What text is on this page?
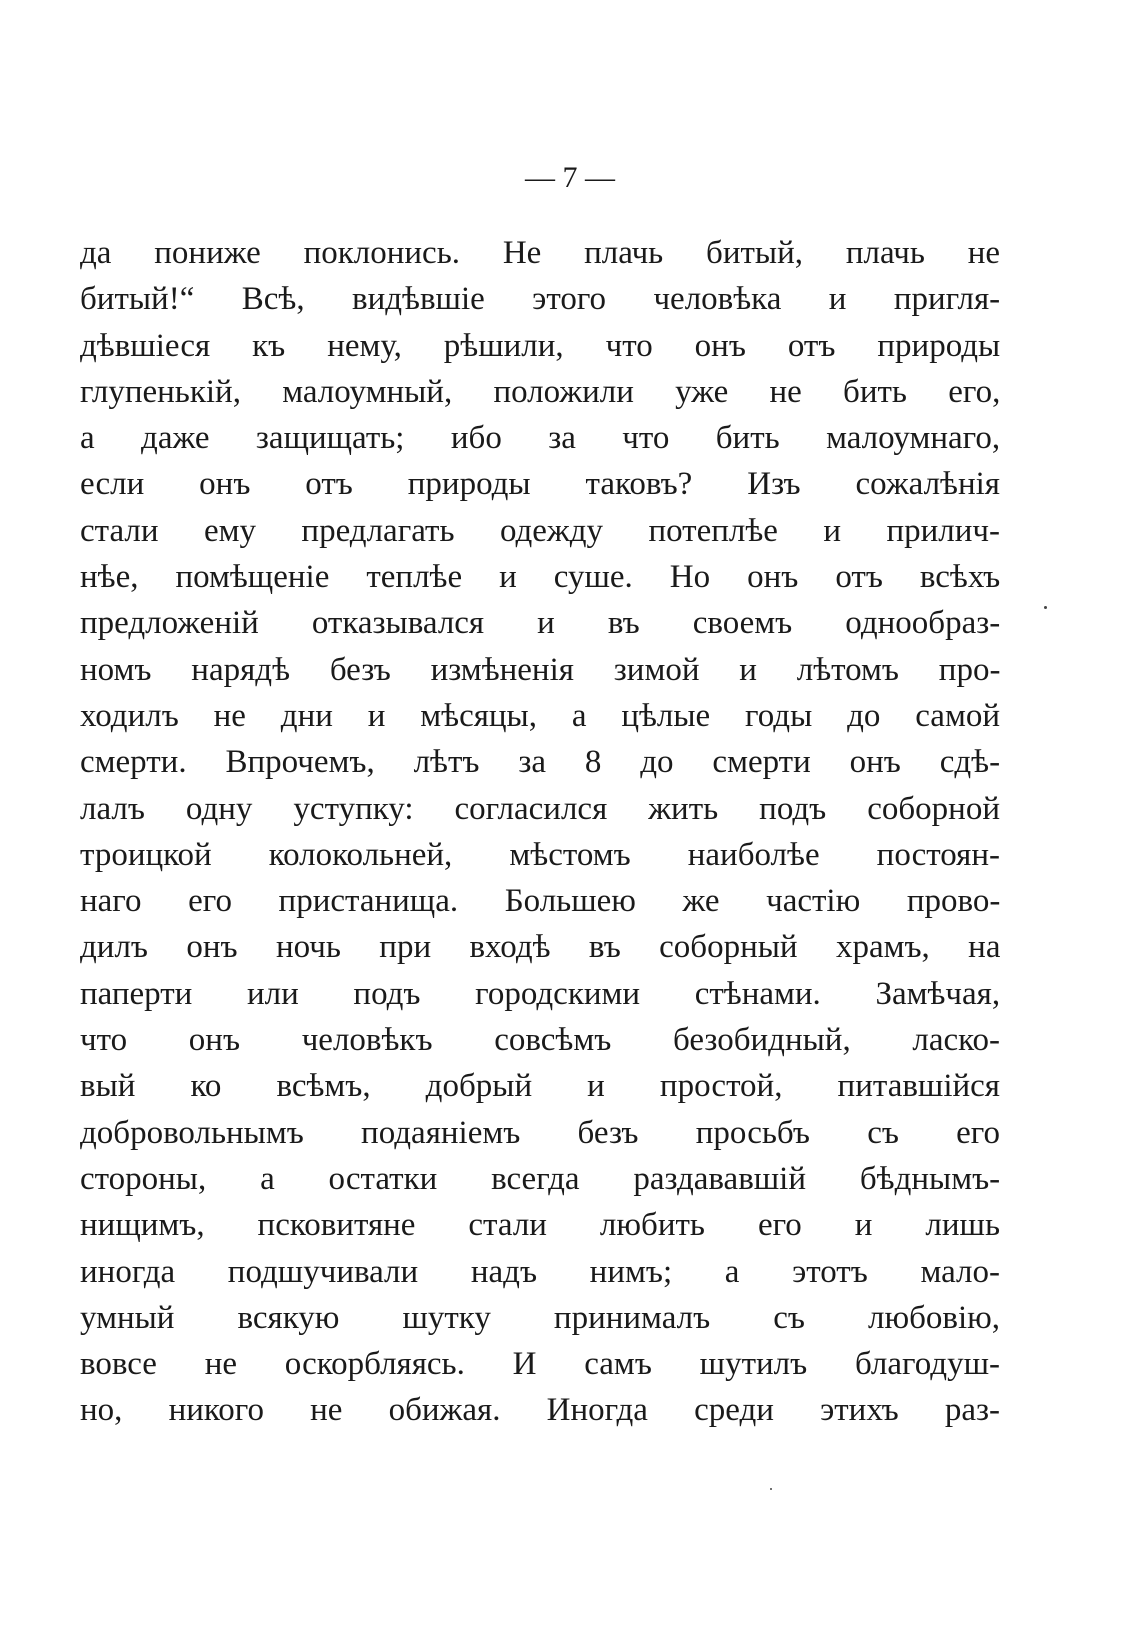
— 7 —
да пониже поклонись. Не плачь битый, плачь не
битый!“ Всѣ, видѣвшіе этого человѣка и пригля-
дѣвшіеся къ нему, рѣшили, что онъ отъ природы
глупенькій, малоумный, положили уже не бить его,
а даже защищать; ибо за что бить малоумнаго,
если онъ отъ природы таковъ? Изъ сожалѣнія
стали ему предлагать одежду потеплѣе и прилич-
нѣе, помѣщеніе теплѣе и суше. Но онъ отъ всѣхъ
предложеній отказывался и въ своемъ однообраз-
номъ нарядѣ безъ измѣненія зимой и лѣтомъ про-
ходилъ не дни и мѣсяцы, а цѣлые годы до самой
смерти. Впрочемъ, лѣтъ за 8 до смерти онъ сдѣ-
лалъ одну уступку: согласился жить подъ соборной
троицкой колокольней, мѣстомъ наиболѣе постоян-
наго его пристанища. Большею же частію прово-
дилъ онъ ночь при входѣ въ соборный храмъ, на
паперти или подъ городскими стѣнами. Замѣчая,
что онъ человѣкъ совсѣмъ безобидный, ласко-
вый ко всѣмъ, добрый и простой, питавшійся
добровольнымъ подаяніемъ безъ просьбъ съ его
стороны, а остатки всегда раздававшій бѣднымъ-
нищимъ, псковитяне стали любить его и лишь
иногда подшучивали надъ нимъ; а этотъ мало-
умный всякую шутку принималъ съ любовію,
вовсе не оскорбляясь. И самъ шутилъ благодуш-
но, никого не обижая. Иногда среди этихъ раз-
